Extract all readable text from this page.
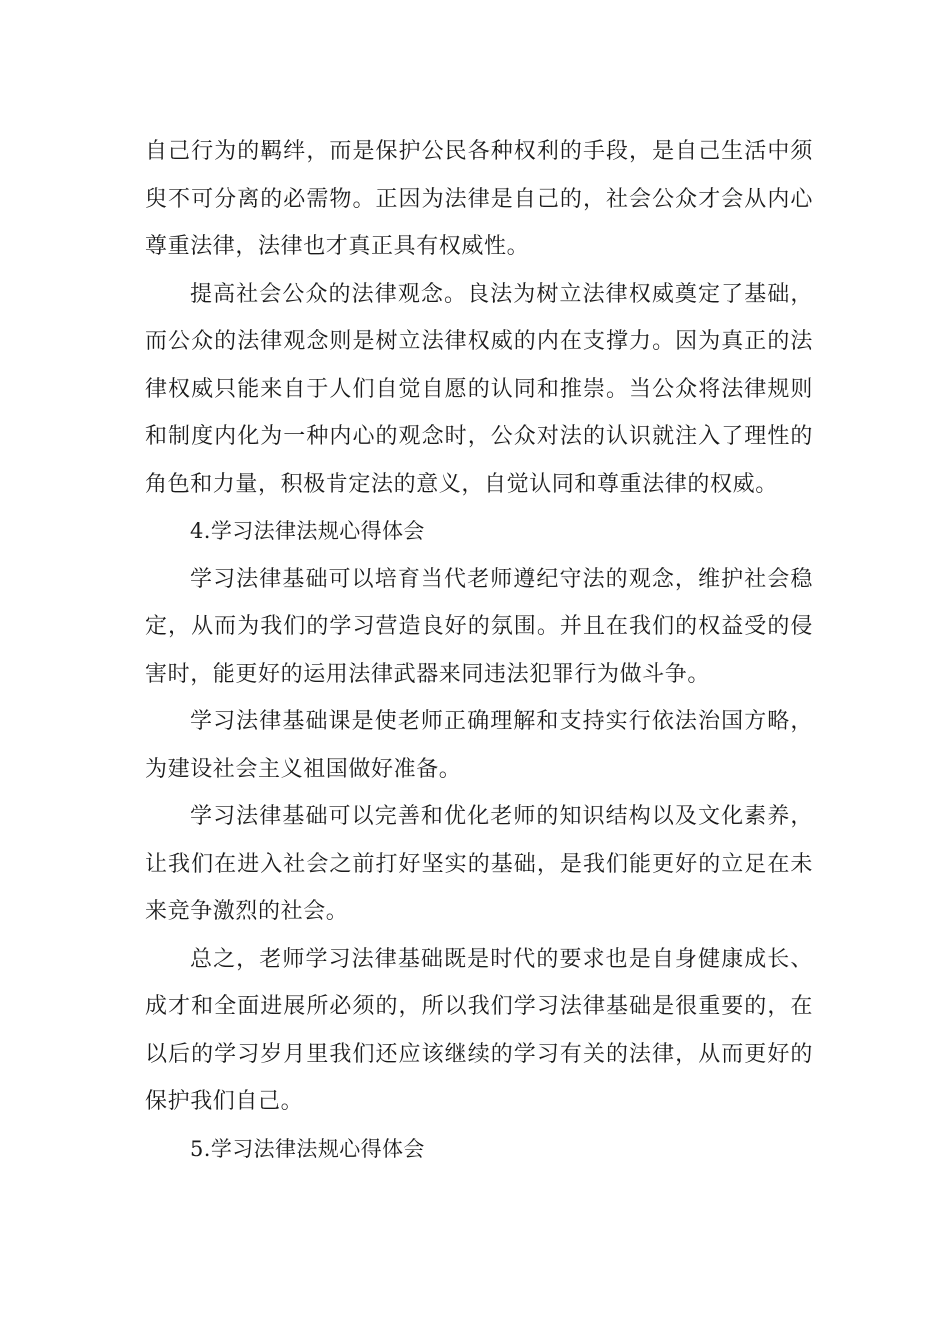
自己行为的羁绊，而是保护公民各种权利的手段，是自己生活中须臾不可分离的必需物。正因为法律是自己的，社会公众才会从内心尊重法律，法律也才真正具有权威性。

提高社会公众的法律观念。良法为树立法律权威奠定了基础，而公众的法律观念则是树立法律权威的内在支撑力。因为真正的法律权威只能来自于人们自觉自愿的认同和推崇。当公众将法律规则和制度内化为一种内心的观念时，公众对法的认识就注入了理性的角色和力量，积极肯定法的意义，自觉认同和尊重法律的权威。

4.学习法律法规心得体会

学习法律基础可以培育当代老师遵纪守法的观念，维护社会稳定，从而为我们的学习营造良好的氛围。并且在我们的权益受的侵害时，能更好的运用法律武器来同违法犯罪行为做斗争。

学习法律基础课是使老师正确理解和支持实行依法治国方略，为建设社会主义祖国做好准备。

学习法律基础可以完善和优化老师的知识结构以及文化素养，让我们在进入社会之前打好坚实的基础，是我们能更好的立足在未来竞争激烈的社会。

总之，老师学习法律基础既是时代的要求也是自身健康成长、成才和全面进展所必须的，所以我们学习法律基础是很重要的，在以后的学习岁月里我们还应该继续的学习有关的法律，从而更好的保护我们自己。

5.学习法律法规心得体会
